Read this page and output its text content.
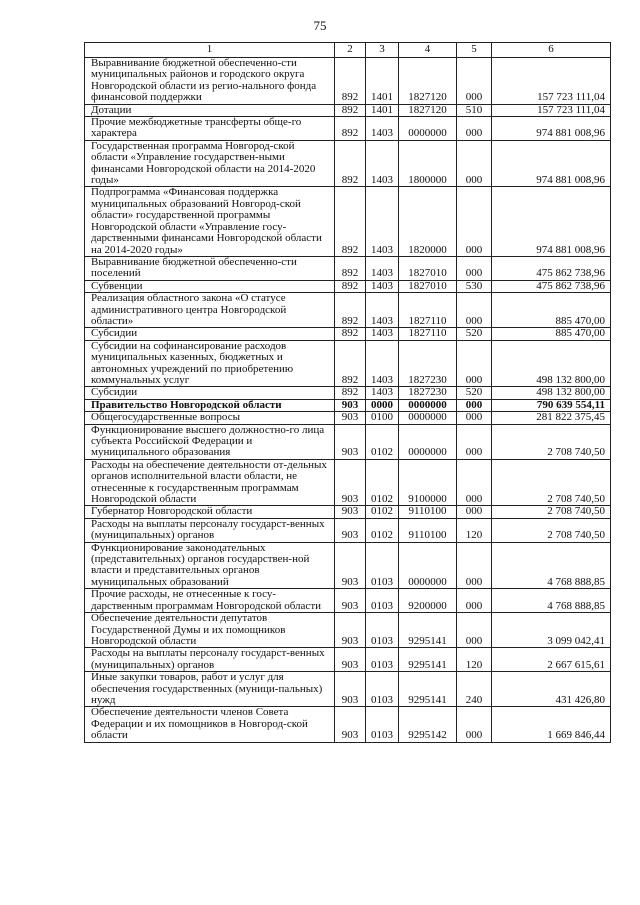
75
1	2	3	4	5	6
Выравнивание бюджетной обеспеченно-сти муниципальных районов и городского округа Новгородской области из регио-нального фонда финансовой поддержки	892	1401	1827120	000	157 723 111,04
Дотации	892	1401	1827120	510	157 723 111,04
Прочие межбюджетные трансферты обще-го характера	892	1403	0000000	000	974 881 008,96
Государственная программа Новгород-ской области «Управление государствен-ными финансами Новгородской области на 2014-2020 годы»	892	1403	1800000	000	974 881 008,96
Подпрограмма «Финансовая поддержка муниципальных образований Новгород-ской области» государственной программы Новгородской области «Управление госу-дарственными финансами Новгородской области на 2014-2020 годы»	892	1403	1820000	000	974 881 008,96
Выравнивание бюджетной обеспеченно-сти поселений	892	1403	1827010	000	475 862 738,96
Субвенции	892	1403	1827010	530	475 862 738,96
Реализация областного закона «О статусе административного центра Новгородской области»	892	1403	1827110	000	885 470,00
Субсидии	892	1403	1827110	520	885 470,00
Субсидии на софинансирование расходов муниципальных казенных, бюджетных и автономных учреждений по приобретению коммунальных услуг	892	1403	1827230	000	498 132 800,00
Субсидии	892	1403	1827230	520	498 132 800,00
Правительство Новгородской области	903	0000	0000000	000	790 639 554,11
Общегосударственные вопросы	903	0100	0000000	000	281 822 375,45
Функционирование высшего должностно-го лица субъекта Российской Федерации и муниципального образования	903	0102	0000000	000	2 708 740,50
Расходы на обеспечение деятельности от-дельных органов исполнительной власти области, не отнесенные к государственным программам Новгородской области	903	0102	9100000	000	2 708 740,50
Губернатор Новгородской области	903	0102	9110100	000	2 708 740,50
Расходы на выплаты персоналу государст-венных (муниципальных) органов	903	0102	9110100	120	2 708 740,50
Функционирование законодательных (представительных) органов государствен-ной власти и представительных органов муниципальных образований	903	0103	0000000	000	4 768 888,85
Прочие расходы, не отнесенные к госу-дарственным программам Новгородской области	903	0103	9200000	000	4 768 888,85
Обеспечение деятельности депутатов Государственной Думы и их помощников Новгородской области	903	0103	9295141	000	3 099 042,41
Расходы на выплаты персоналу государст-венных (муниципальных) органов	903	0103	9295141	120	2 667 615,61
Иные закупки товаров, работ и услуг для обеспечения государственных (муници-пальных) нужд	903	0103	9295141	240	431 426,80
Обеспечение деятельности членов Совета Федерации и их помощников в Новгород-ской области	903	0103	9295142	000	1 669 846,44
